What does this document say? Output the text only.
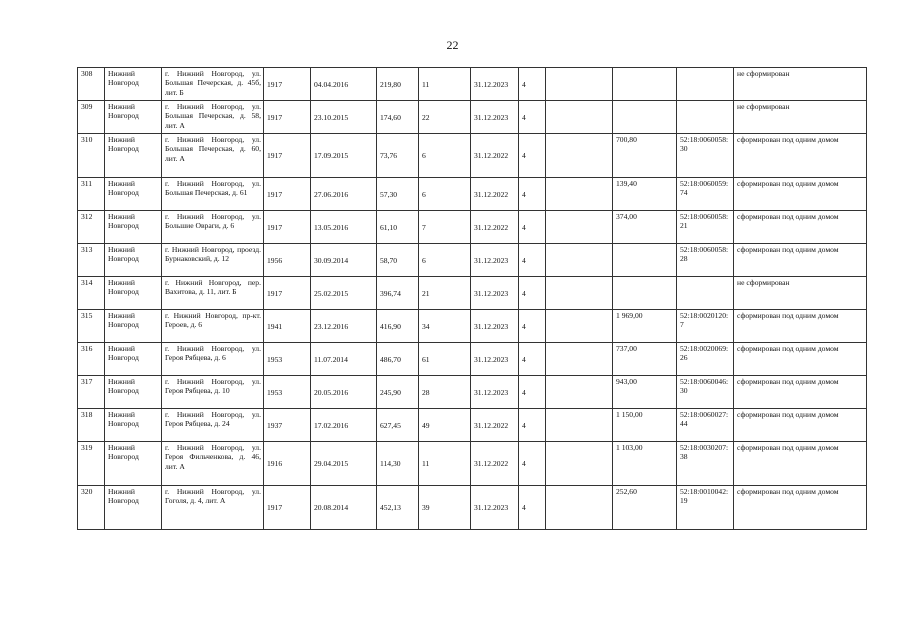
22
308	Нижний Новгород	г. Нижний Новгород, ул. Большая Печерская, д. 45б, лит. Б	1917	04.04.2016	219,80	11	31.12.2023	4				не сформирован
309	Нижний Новгород	г. Нижний Новгород, ул. Большая Печерская, д. 58, лит. А	1917	23.10.2015	174,60	22	31.12.2023	4				не сформирован
310	Нижний Новгород	г. Нижний Новгород, ул. Большая Печерская, д. 60, лит. А	1917	17.09.2015	73,76	6	31.12.2022	4		700,80	52:18:0060058:30	сформирован под одним домом
311	Нижний Новгород	г. Нижний Новгород, ул. Большая Печерская, д. 61	1917	27.06.2016	57,30	6	31.12.2022	4		139,40	52:18:0060059:74	сформирован под одним домом
312	Нижний Новгород	г. Нижний Новгород, ул. Большие Овраги, д. 6	1917	13.05.2016	61,10	7	31.12.2022	4		374,00	52:18:0060058:21	сформирован под одним домом
313	Нижний Новгород	г. Нижний Новгород, проезд. Бурнаковский, д. 12	1956	30.09.2014	58,70	6	31.12.2023	4			52:18:0060058:28	сформирован под одним домом
314	Нижний Новгород	г. Нижний Новгород, пер. Вахитова, д. 11, лит. Б	1917	25.02.2015	396,74	21	31.12.2023	4				не сформирован
315	Нижний Новгород	г. Нижний Новгород, пр-кт. Героев, д. 6	1941	23.12.2016	416,90	34	31.12.2023	4		1 969,00	52:18:0020120:7	сформирован под одним домом
316	Нижний Новгород	г. Нижний Новгород, ул. Героя Рябцева, д. 6	1953	11.07.2014	486,70	61	31.12.2023	4		737,00	52:18:0020069:26	сформирован под одним домом
317	Нижний Новгород	г. Нижний Новгород, ул. Героя Рябцева, д. 10	1953	20.05.2016	245,90	28	31.12.2023	4		943,00	52:18:0060046:30	сформирован под одним домом
318	Нижний Новгород	г. Нижний Новгород, ул. Героя Рябцева, д. 24	1937	17.02.2016	627,45	49	31.12.2022	4		1 150,00	52:18:0060027:44	сформирован под одним домом
319	Нижний Новгород	г. Нижний Новгород, ул. Героя Фильченкова, д. 46, лит. А	1916	29.04.2015	114,30	11	31.12.2022	4		1 103,00	52:18:0030207:38	сформирован под одним домом
320	Нижний Новгород	г. Нижний Новгород, ул. Гоголя, д. 4, лит. А	1917	20.08.2014	452,13	39	31.12.2023	4		252,60	52:18:0010042:19	сформирован под одним домом
